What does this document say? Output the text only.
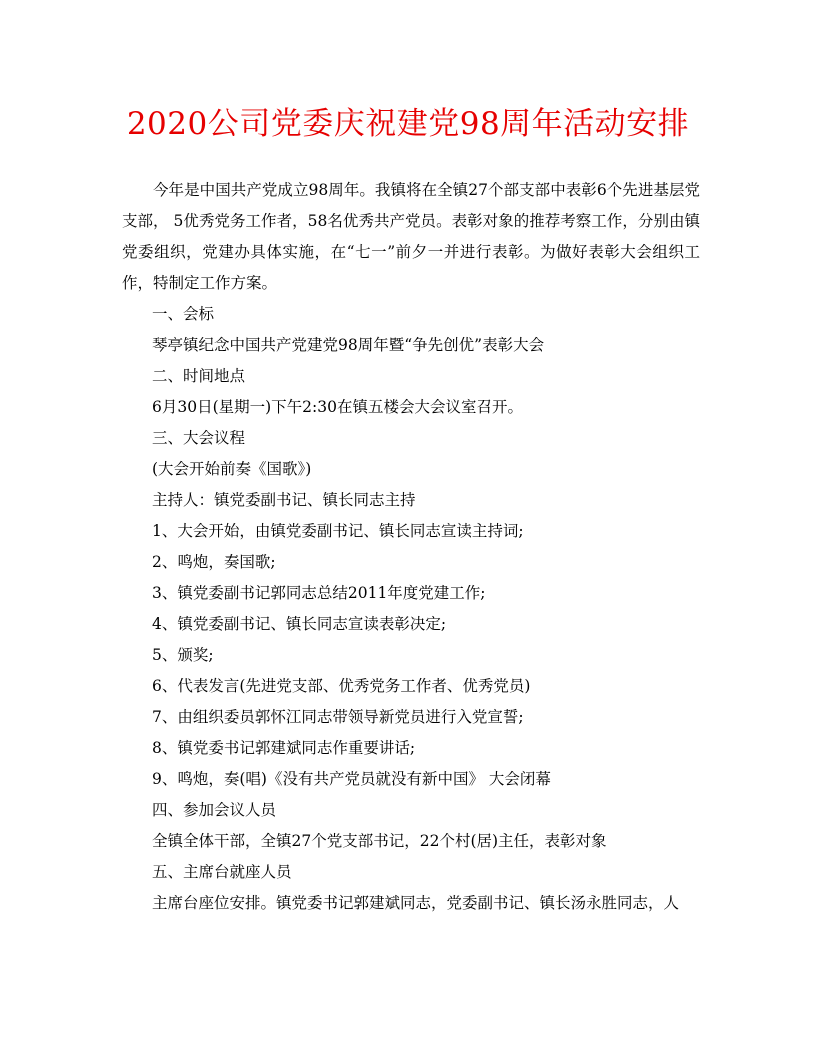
2020公司党委庆祝建党98周年活动安排
今年是中国共产党成立98周年。我镇将在全镇27个部支部中表彰6个先进基层党支部， 5优秀党务工作者，58名优秀共产党员。表彰对象的推荐考察工作，分别由镇党委组织，党建办具体实施，在“七一”前夕一并进行表彰。为做好表彰大会组织工作，特制定工作方案。
一、会标
琴亭镇纪念中国共产党建党98周年暨“争先创优”表彰大会
二、时间地点
6月30日(星期一)下午2:30在镇五楼会大会议室召开。
三、大会议程
(大会开始前奏《国歌》)
主持人：镇党委副书记、镇长同志主持
1、大会开始，由镇党委副书记、镇长同志宣读主持词;
2、鸣炮，奏国歌;
3、镇党委副书记郭同志总结2011年度党建工作;
4、镇党委副书记、镇长同志宣读表彰决定;
5、颁奖;
6、代表发言(先进党支部、优秀党务工作者、优秀党员)
7、由组织委员郭怀江同志带领导新党员进行入党宣誓;
8、镇党委书记郭建斌同志作重要讲话;
9、鸣炮，奏(唱)《没有共产党员就没有新中国》 大会闭幕
四、参加会议人员
全镇全体干部，全镇27个党支部书记，22个村(居)主任，表彰对象
五、主席台就座人员
主席台座位安排。镇党委书记郭建斌同志，党委副书记、镇长汤永胜同志，人
